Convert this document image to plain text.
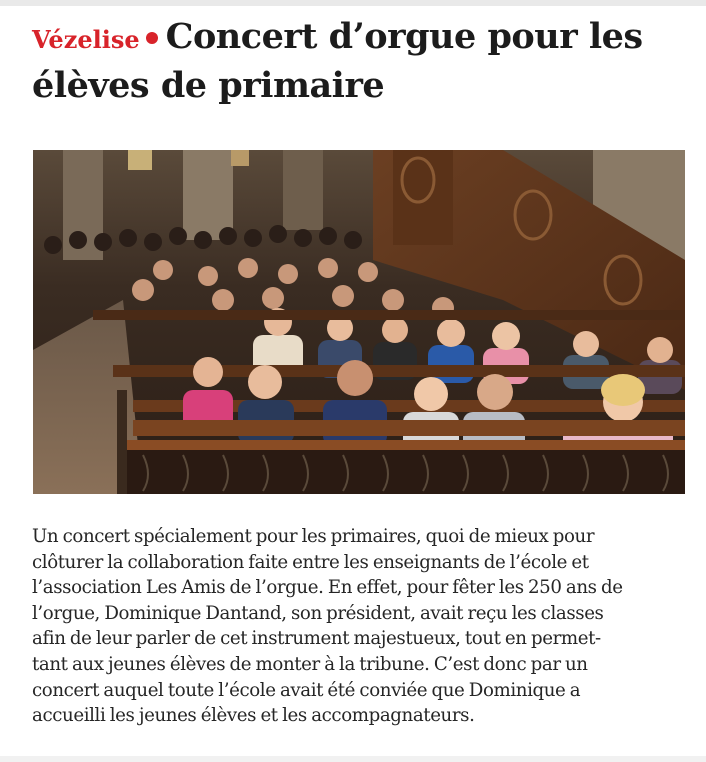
Vézelise Concert d’orgue pour les
élèves de primaire
Un concert spécialement pour les primaires, quoi de mieux pour
clôturer la collaboration faite entre les enseignants de l’école et
l’association Les Amis de l’orgue. En effet, pour fêter les 250 ans de
l’orgue, Dominique Dantand, son président, avait reçu les classes
afin de leur parler de cet instrument majestueux, tout en permet-
tant aux jeunes élèves de monter à la tribune. C’est donc par un
concert auquel toute l’école avait été conviée que Dominique a
accueilli les jeunes élèves et les accompagnateurs.
